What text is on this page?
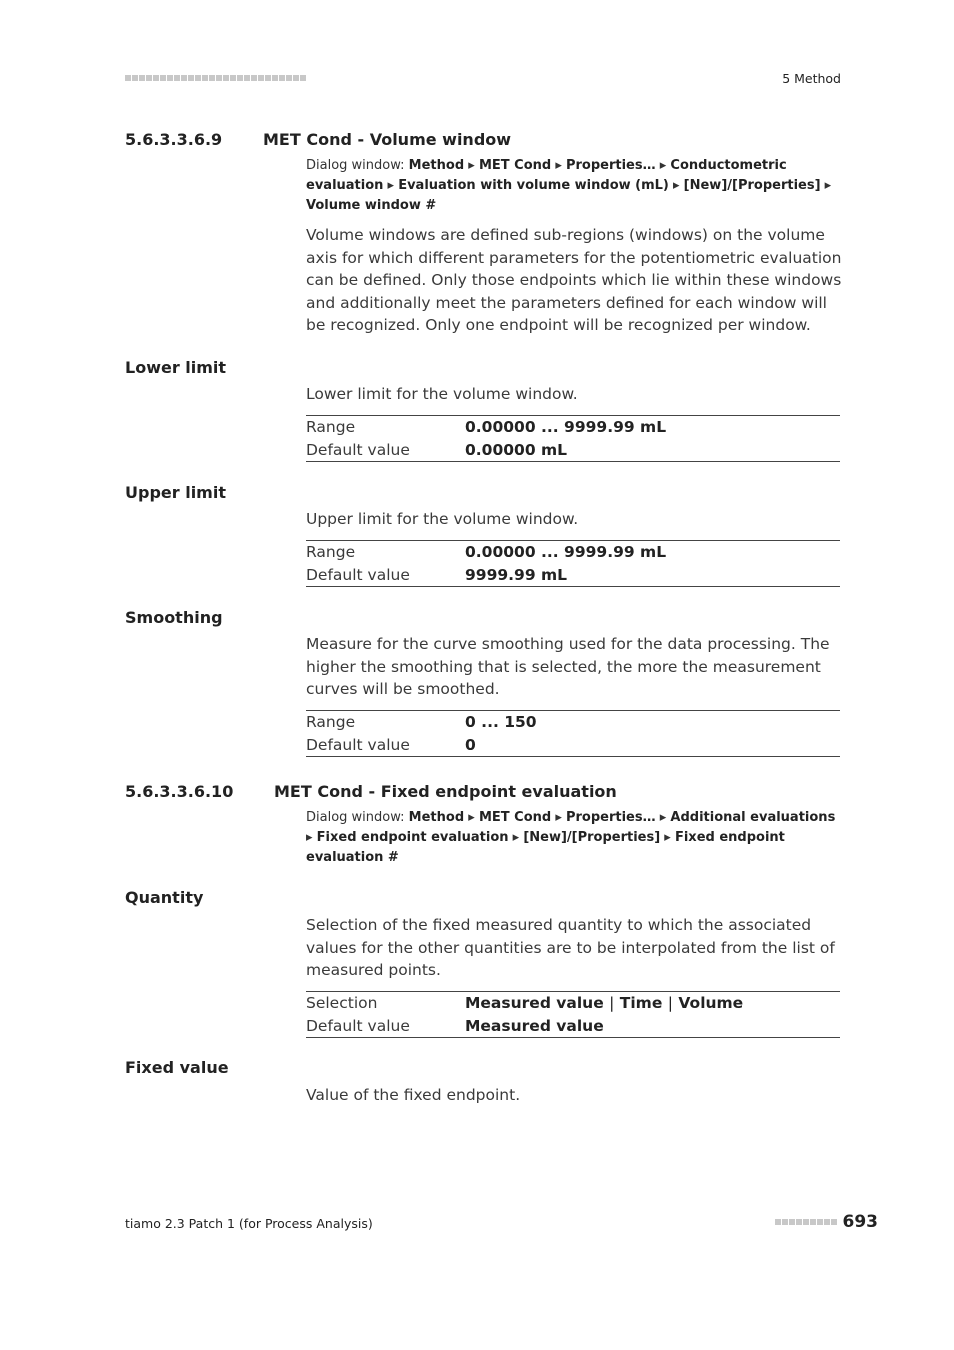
5 Method
5.6.3.3.6.9	MET Cond - Volume window
Dialog window: Method ▸ MET Cond ▸ Properties… ▸ Conductometric evaluation ▸ Evaluation with volume window (mL) ▸ [New]/[Properties] ▸ Volume window #
Volume windows are defined sub-regions (windows) on the volume axis for which different parameters for the potentiometric evaluation can be defined. Only those endpoints which lie within these windows and additionally meet the parameters defined for each window will be recognized. Only one endpoint will be recognized per window.
Lower limit
Lower limit for the volume window.
Range	0.00000 ... 9999.99 mL
Default value	0.00000 mL
Upper limit
Upper limit for the volume window.
Range	0.00000 ... 9999.99 mL
Default value	9999.99 mL
Smoothing
Measure for the curve smoothing used for the data processing. The higher the smoothing that is selected, the more the measurement curves will be smoothed.
Range	0 ... 150
Default value	0
5.6.3.3.6.10	MET Cond - Fixed endpoint evaluation
Dialog window: Method ▸ MET Cond ▸ Properties… ▸ Additional evaluations ▸ Fixed endpoint evaluation ▸ [New]/[Properties] ▸ Fixed endpoint evaluation #
Quantity
Selection of the fixed measured quantity to which the associated values for the other quantities are to be interpolated from the list of measured points.
Selection	Measured value | Time | Volume
Default value	Measured value
Fixed value
Value of the fixed endpoint.
tiamo 2.3 Patch 1 (for Process Analysis)	693
